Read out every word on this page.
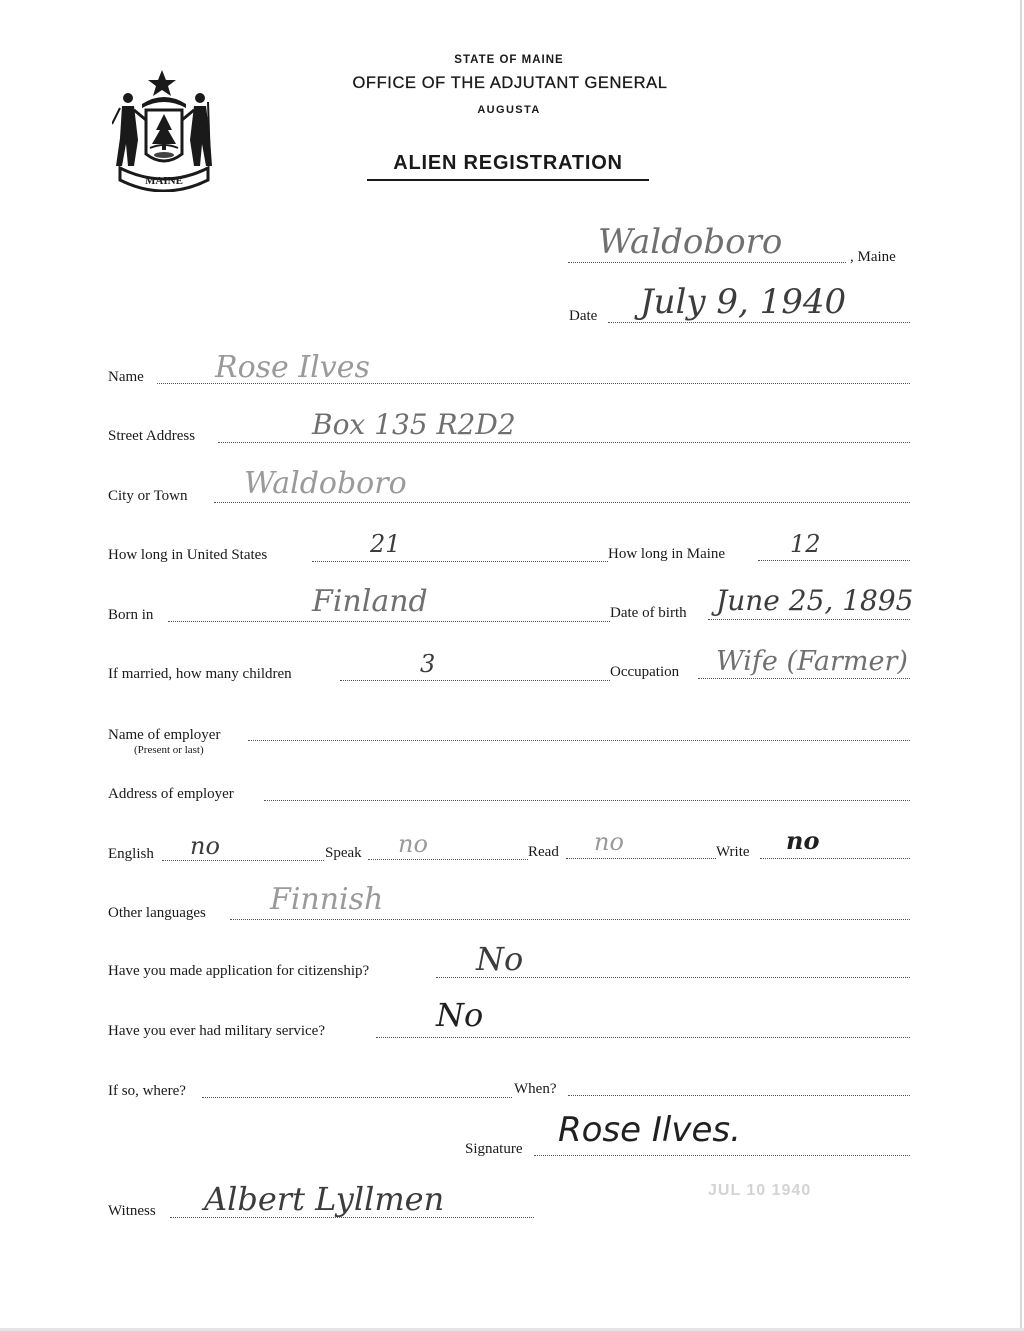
MAINE
STATE OF MAINE
OFFICE OF THE ADJUTANT GENERAL
AUGUSTA
ALIEN REGISTRATION
Waldoboro	, Maine
Date July 9, 1940
Name Rose Ilves
Street Address	Box 135 R2D2
City or Town Waldoboro
How long in United States	21	How long in Maine	12
Born in	Finland	Date of birth June 25, 1895
If married, how many children	3	Occupation Wife (Farmer)
Name of employer
(Present or last)
Address of employer
English no	Speak no	Read no	Write no
Other languages Finnish
Have you made application for citizenship?	No
Have you ever had military service?	No
If so, where?	When?
Signature Rose Ilves.
Witness Albert Lyllmen	JUL 10 1940
